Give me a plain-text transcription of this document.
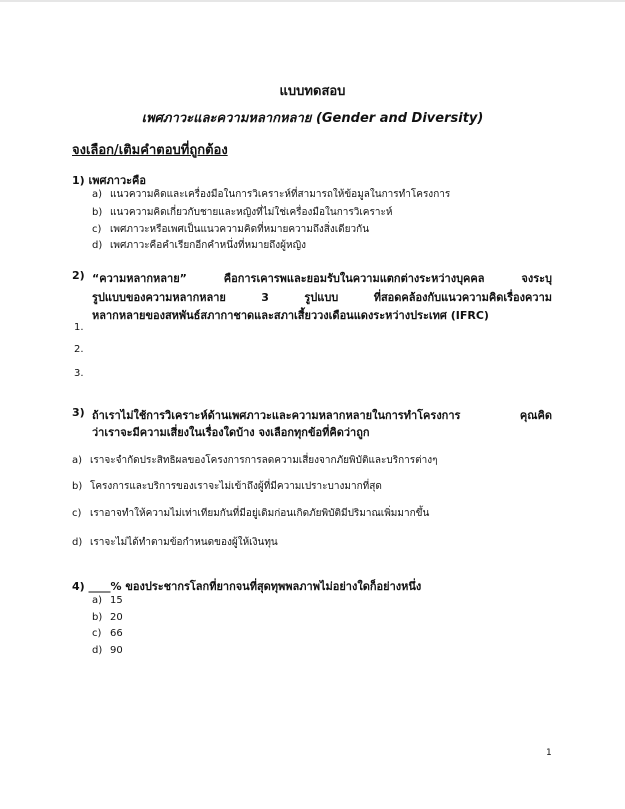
แบบทดสอบ
เพศภาวะและความหลากหลาย (Gender and Diversity)
จงเลือก/เติมคำตอบที่ถูกต้อง
1) เพศภาวะคือ
a) แนวความคิดและเครื่องมือในการวิเคราะห์ที่สามารถให้ข้อมูลในการทำโครงการ
b) แนวความคิดเกี่ยวกับชายและหญิงที่ไม่ใช่เครื่องมือในการวิเคราะห์
c) เพศภาวะหรือเพศเป็นแนวความคิดที่หมายความถึงสิ่งเดียวกัน
d) เพศภาวะคือคำเรียกอีกคำหนึ่งที่หมายถึงผู้หญิง
2) “ความหลากหลาย” คือการเคารพและยอมรับในความแตกต่างระหว่างบุคคล จงระบุ
รูปแบบของความหลากหลาย 3 รูปแบบ ที่สอดคล้องกับแนวความคิดเรื่องความ
หลากหลายของสหพันธ์สภากาชาดและสภาเสี้ยววงเดือนแดงระหว่างประเทศ (IFRC)
1.
2.
3.
3) ถ้าเราไม่ใช้การวิเคราะห์ด้านเพศภาวะและความหลากหลายในการทำโครงการ คุณคิด
ว่าเราจะมีความเสี่ยงในเรื่องใดบ้าง จงเลือกทุกข้อที่คิดว่าถูก
a) เราจะจำกัดประสิทธิผลของโครงการการลดความเสี่ยงจากภัยพิบัติและบริการต่างๆ
b) โครงการและบริการของเราจะไม่เข้าถึงผู้ที่มีความเปราะบางมากที่สุด
c) เราอาจทำให้ความไม่เท่าเทียมกันที่มีอยู่เดิมก่อนเกิดภัยพิบัติมีปริมาณเพิ่มมากขึ้น
d) เราจะไม่ได้ทำตามข้อกำหนดของผู้ให้เงินทุน
4) ____% ของประชากรโลกที่ยากจนที่สุดทุพพลภาพไม่อย่างใดก็อย่างหนึ่ง
a) 15
b) 20
c) 66
d) 90
1
